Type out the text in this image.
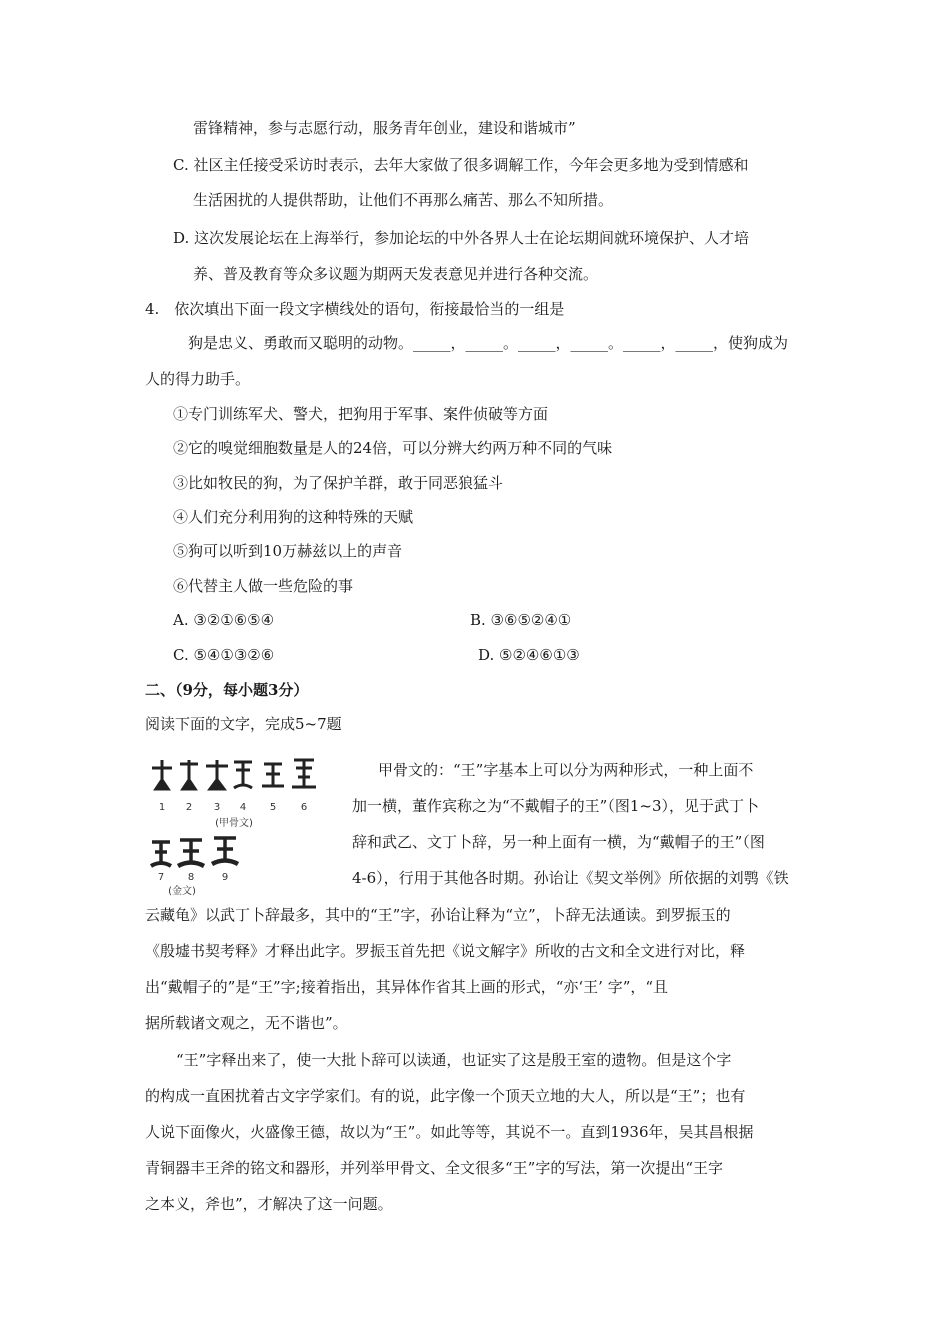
雷锋精神，参与志愿行动，服务青年创业，建设和谐城市”
C. 社区主任接受采访时表示，去年大家做了很多调解工作，今年会更多地为受到情感和
生活困扰的人提供帮助，让他们不再那么痛苦、那么不知所措。
D. 这次发展论坛在上海举行，参加论坛的中外各界人士在论坛期间就环境保护、人才培
养、普及教育等众多议题为期两天发表意见并进行各种交流。
4.　依次填出下面一段文字横线处的语句，衔接最恰当的一组是
狗是忠义、勇敢而又聪明的动物。_____，_____。_____，_____。_____，_____，使狗成为
人的得力助手。
①专门训练军犬、警犬，把狗用于军事、案件侦破等方面
②它的嗅觉细胞数量是人的24倍，可以分辨大约两万种不同的气味
③比如牧民的狗，为了保护羊群，敢于同恶狼猛斗
④人们充分利用狗的这种特殊的天赋
⑤狗可以听到10万赫兹以上的声音
⑥代替主人做一些危险的事
A. ③②①⑥⑤④	B. ③⑥⑤②④①
C. ⑤④①③②⑥	D. ⑤②④⑥①③
二、（9分，每小题3分）
阅读下面的文字，完成5~7题
1 2 3 4 5 6
(甲骨文)
7 8	9
(金文)
甲骨文的：“王”字基本上可以分为两种形式，一种上面不
加一横，董作宾称之为“不戴帽子的王”（图1~3），见于武丁卜
辞和武乙、文丁卜辞，另一种上面有一横，为“戴帽子的王”（图
4-6），行用于其他各时期。孙诒让《契文举例》所依据的刘鹗《铁
云藏龟》以武丁卜辞最多，其中的“王”字，孙诒让释为“立”，卜辞无法通读。到罗振玉的
《殷墟书契考释》才释出此字。罗振玉首先把《说文解字》所收的古文和全文进行对比，释
出“戴帽子的”是“王”字;接着指出，其异体作省其上画的形式，“亦‘王’ 字”，“且
据所载诸文观之，无不谐也”。
“王”字释出来了，使一大批卜辞可以读通，也证实了这是殷王室的遗物。但是这个字
的构成一直困扰着古文字学家们。有的说，此字像一个顶天立地的大人，所以是“王”；也有
人说下面像火，火盛像王德，故以为“王”。如此等等，其说不一。直到1936年，吴其昌根据
青铜器丰王斧的铭文和器形，并列举甲骨文、全文很多“王”字的写法，第一次提出“王字
之本义，斧也”，才解决了这一问题。
